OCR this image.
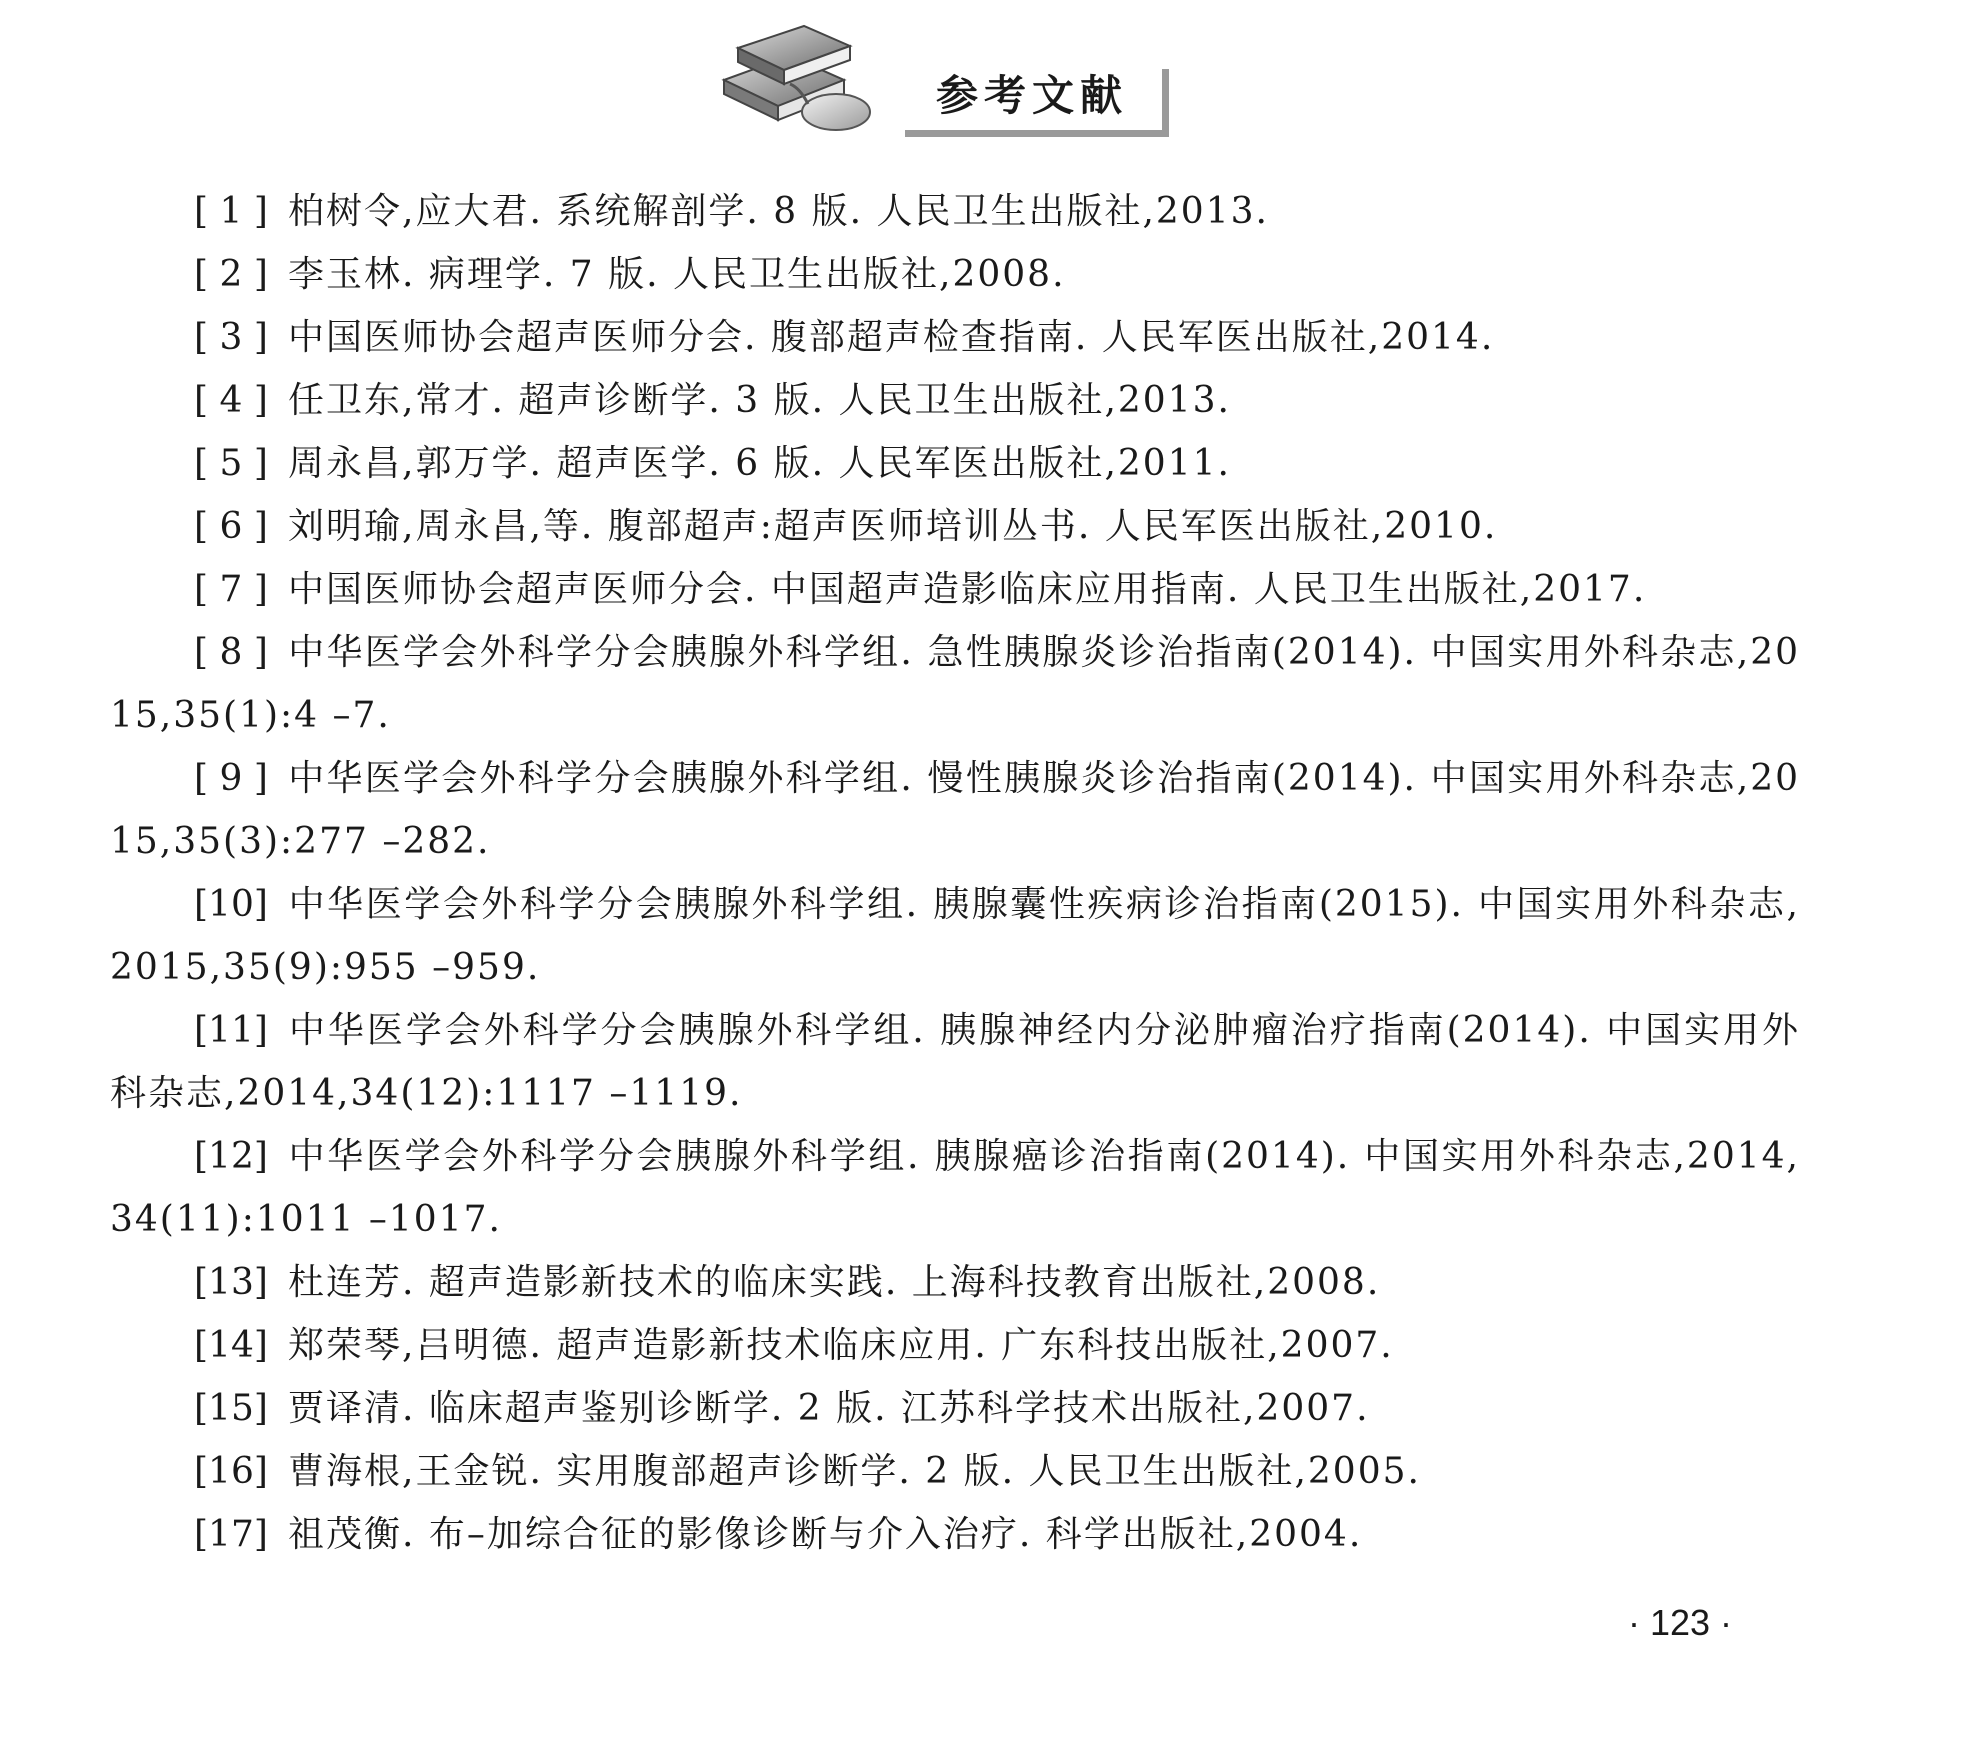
参考文献
[ 1 ] 柏树令,应大君. 系统解剖学. 8 版. 人民卫生出版社,2013.
[ 2 ] 李玉林. 病理学. 7 版. 人民卫生出版社,2008.
[ 3 ] 中国医师协会超声医师分会. 腹部超声检查指南. 人民军医出版社,2014.
[ 4 ] 任卫东,常才. 超声诊断学. 3 版. 人民卫生出版社,2013.
[ 5 ] 周永昌,郭万学. 超声医学. 6 版. 人民军医出版社,2011.
[ 6 ] 刘明瑜,周永昌,等. 腹部超声:超声医师培训丛书. 人民军医出版社,2010.
[ 7 ] 中国医师协会超声医师分会. 中国超声造影临床应用指南. 人民卫生出版社,2017.
[ 8 ] 中华医学会外科学分会胰腺外科学组. 急性胰腺炎诊治指南(2014). 中国实用外科杂志,2015,35(1):4 –7.
[ 9 ] 中华医学会外科学分会胰腺外科学组. 慢性胰腺炎诊治指南(2014). 中国实用外科杂志,2015,35(3):277 –282.
[10] 中华医学会外科学分会胰腺外科学组. 胰腺囊性疾病诊治指南(2015). 中国实用外科杂志,2015,35(9):955 –959.
[11] 中华医学会外科学分会胰腺外科学组. 胰腺神经内分泌肿瘤治疗指南(2014). 中国实用外科杂志,2014,34(12):1117 –1119.
[12] 中华医学会外科学分会胰腺外科学组. 胰腺癌诊治指南(2014). 中国实用外科杂志,2014,34(11):1011 –1017.
[13] 杜连芳. 超声造影新技术的临床实践. 上海科技教育出版社,2008.
[14] 郑荣琴,吕明德. 超声造影新技术临床应用. 广东科技出版社,2007.
[15] 贾译清. 临床超声鉴别诊断学. 2 版. 江苏科学技术出版社,2007.
[16] 曹海根,王金锐. 实用腹部超声诊断学. 2 版. 人民卫生出版社,2005.
[17] 祖茂衡. 布–加综合征的影像诊断与介入治疗. 科学出版社,2004.
· 123 ·
